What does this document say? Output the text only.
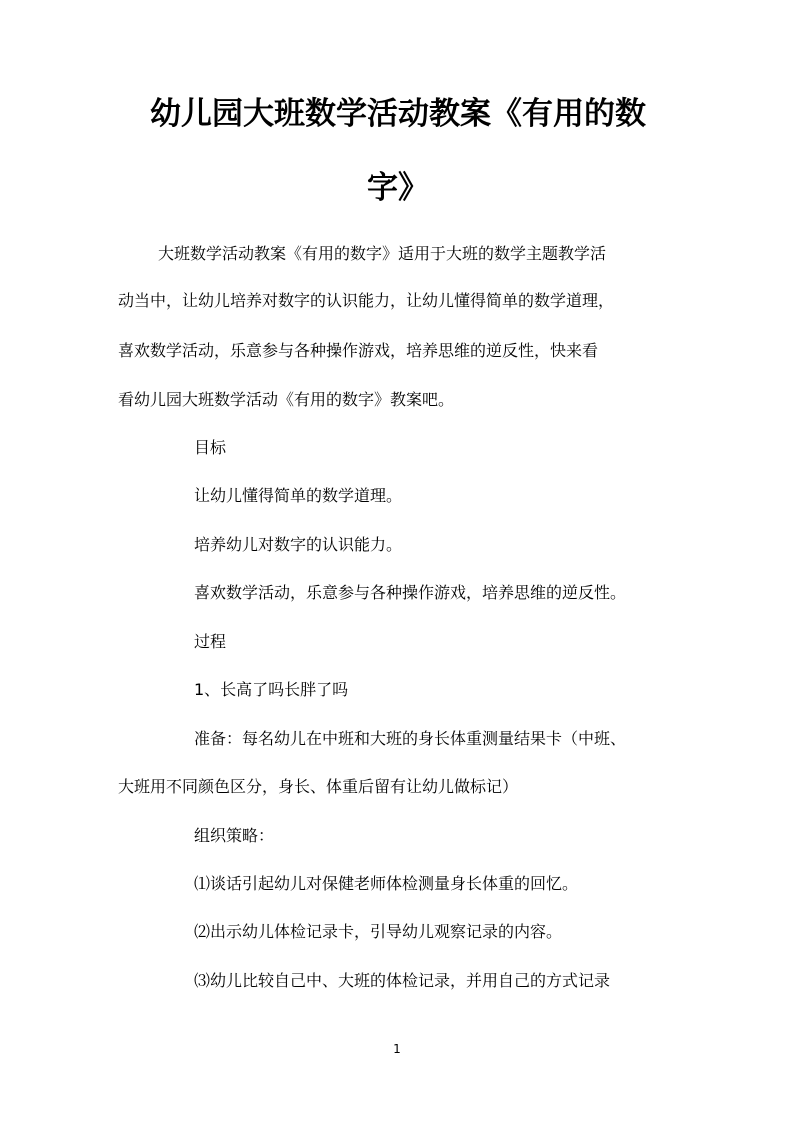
幼儿园大班数学活动教案《有用的数
字》

大班数学活动教案《有用的数字》适用于大班的数学主题教学活

动当中，让幼儿培养对数字的认识能力，让幼儿懂得简单的数学道理，

喜欢数学活动，乐意参与各种操作游戏，培养思维的逆反性，快来看

看幼儿园大班数学活动《有用的数字》教案吧。

目标

让幼儿懂得简单的数学道理。

培养幼儿对数字的认识能力。

喜欢数学活动，乐意参与各种操作游戏，培养思维的逆反性。

过程

1、长高了吗长胖了吗

准备：每名幼儿在中班和大班的身长体重测量结果卡（中班、

大班用不同颜色区分，身长、体重后留有让幼儿做标记）

组织策略：

⑴谈话引起幼儿对保健老师体检测量身长体重的回忆。

⑵出示幼儿体检记录卡，引导幼儿观察记录的内容。

⑶幼儿比较自己中、大班的体检记录，并用自己的方式记录

1
